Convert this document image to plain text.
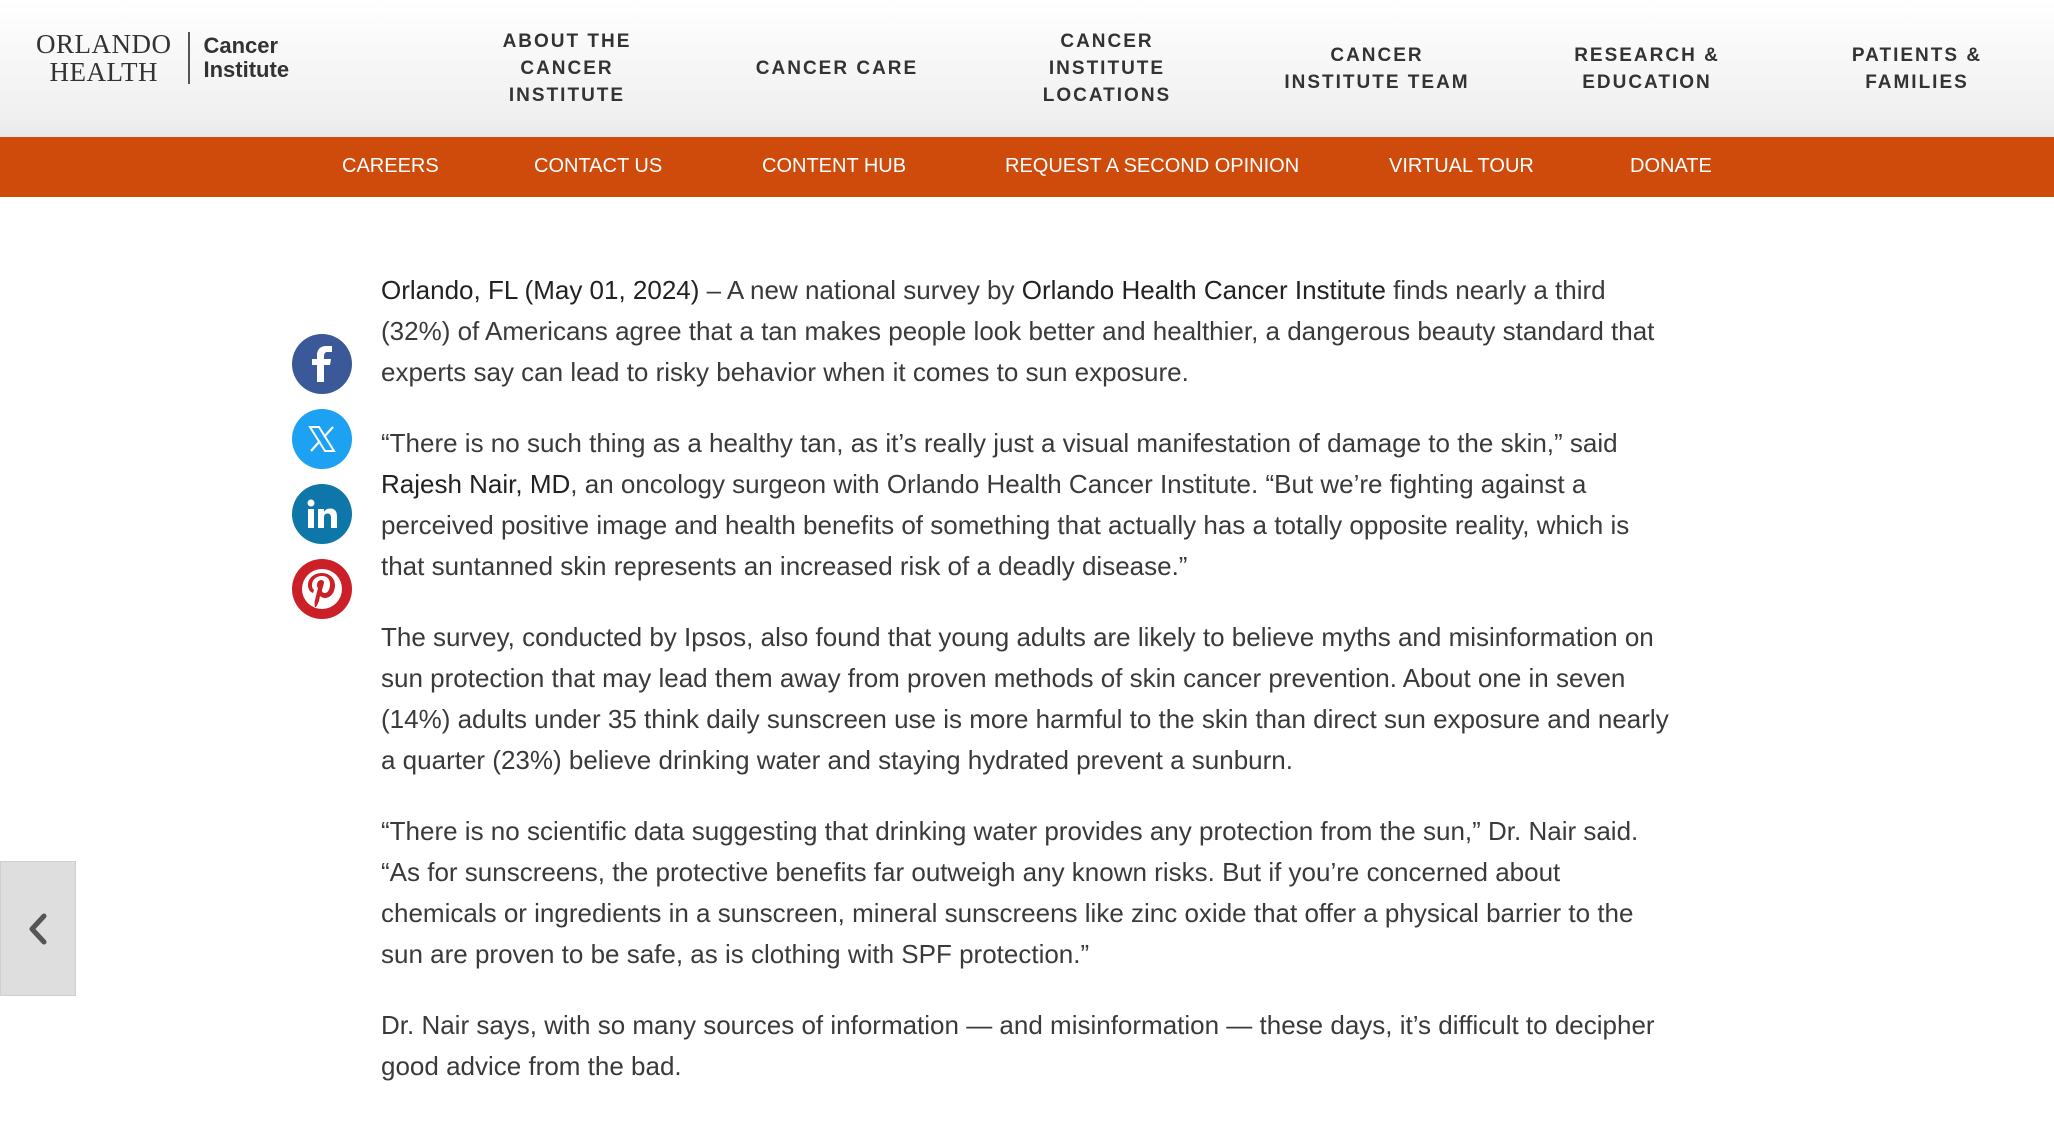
ORLANDO
HEALTH
Cancer
Institute
ABOUT THE CANCER INSTITUTE
CANCER CARE
CANCER INSTITUTE LOCATIONS
CANCER INSTITUTE TEAM
RESEARCH & EDUCATION
PATIENTS & FAMILIES
CAREERS	CONTACT US	CONTENT HUB	REQUEST A SECOND OPINION	VIRTUAL TOUR	DONATE

Orlando, FL (May 01, 2024) – A new national survey by Orlando Health Cancer Institute finds nearly a third (32%) of Americans agree that a tan makes people look better and healthier, a dangerous beauty standard that experts say can lead to risky behavior when it comes to sun exposure.

“There is no such thing as a healthy tan, as it’s really just a visual manifestation of damage to the skin,” said Rajesh Nair, MD, an oncology surgeon with Orlando Health Cancer Institute. “But we’re fighting against a perceived positive image and health benefits of something that actually has a totally opposite reality, which is that suntanned skin represents an increased risk of a deadly disease.”

The survey, conducted by Ipsos, also found that young adults are likely to believe myths and misinformation on sun protection that may lead them away from proven methods of skin cancer prevention. About one in seven (14%) adults under 35 think daily sunscreen use is more harmful to the skin than direct sun exposure and nearly a quarter (23%) believe drinking water and staying hydrated prevent a sunburn.

“There is no scientific data suggesting that drinking water provides any protection from the sun,” Dr. Nair said. “As for sunscreens, the protective benefits far outweigh any known risks. But if you’re concerned about chemicals or ingredients in a sunscreen, mineral sunscreens like zinc oxide that offer a physical barrier to the sun are proven to be safe, as is clothing with SPF protection.”

Dr. Nair says, with so many sources of information — and misinformation — these days, it’s difficult to decipher good advice from the bad.
